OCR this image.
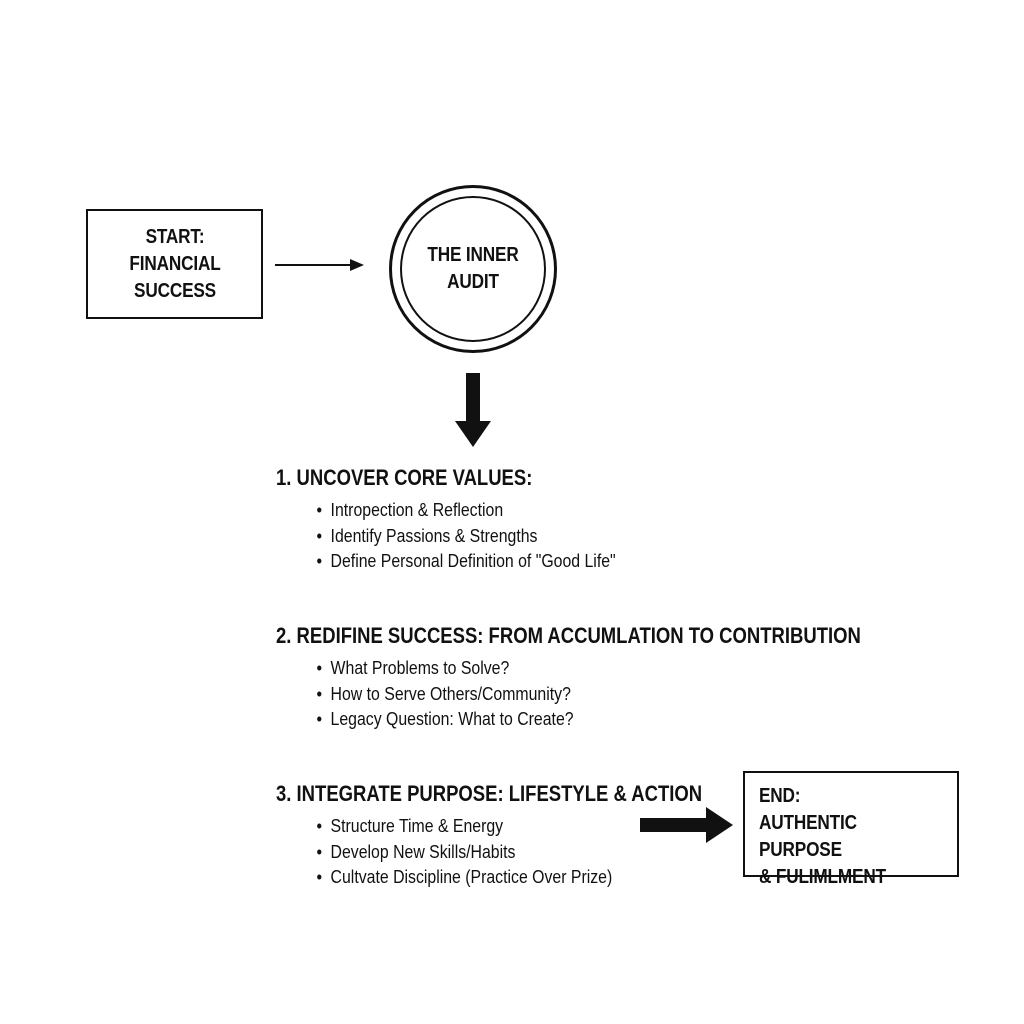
START: FINANCIAL SUCCESS
THE INNER AUDIT
1. UNCOVER CORE VALUES:
• Intropection & Reflection
• Identify Passions & Strengths
• Define Personal Definition of "Good Life"
2. REDIFINE SUCCESS: FROM ACCUMLATION TO CONTRIBUTION
• What Problems to Solve?
• How to Serve Others/Community?
• Legacy Question: What to Create?
3. INTEGRATE PURPOSE: LIFESTYLE & ACTION
• Structure Time & Energy
• Develop New Skills/Habits
• Cultvate Discipline (Practice Over Prize)
END:
AUTHENTIC PURPOSE
& FULIMLMENT
